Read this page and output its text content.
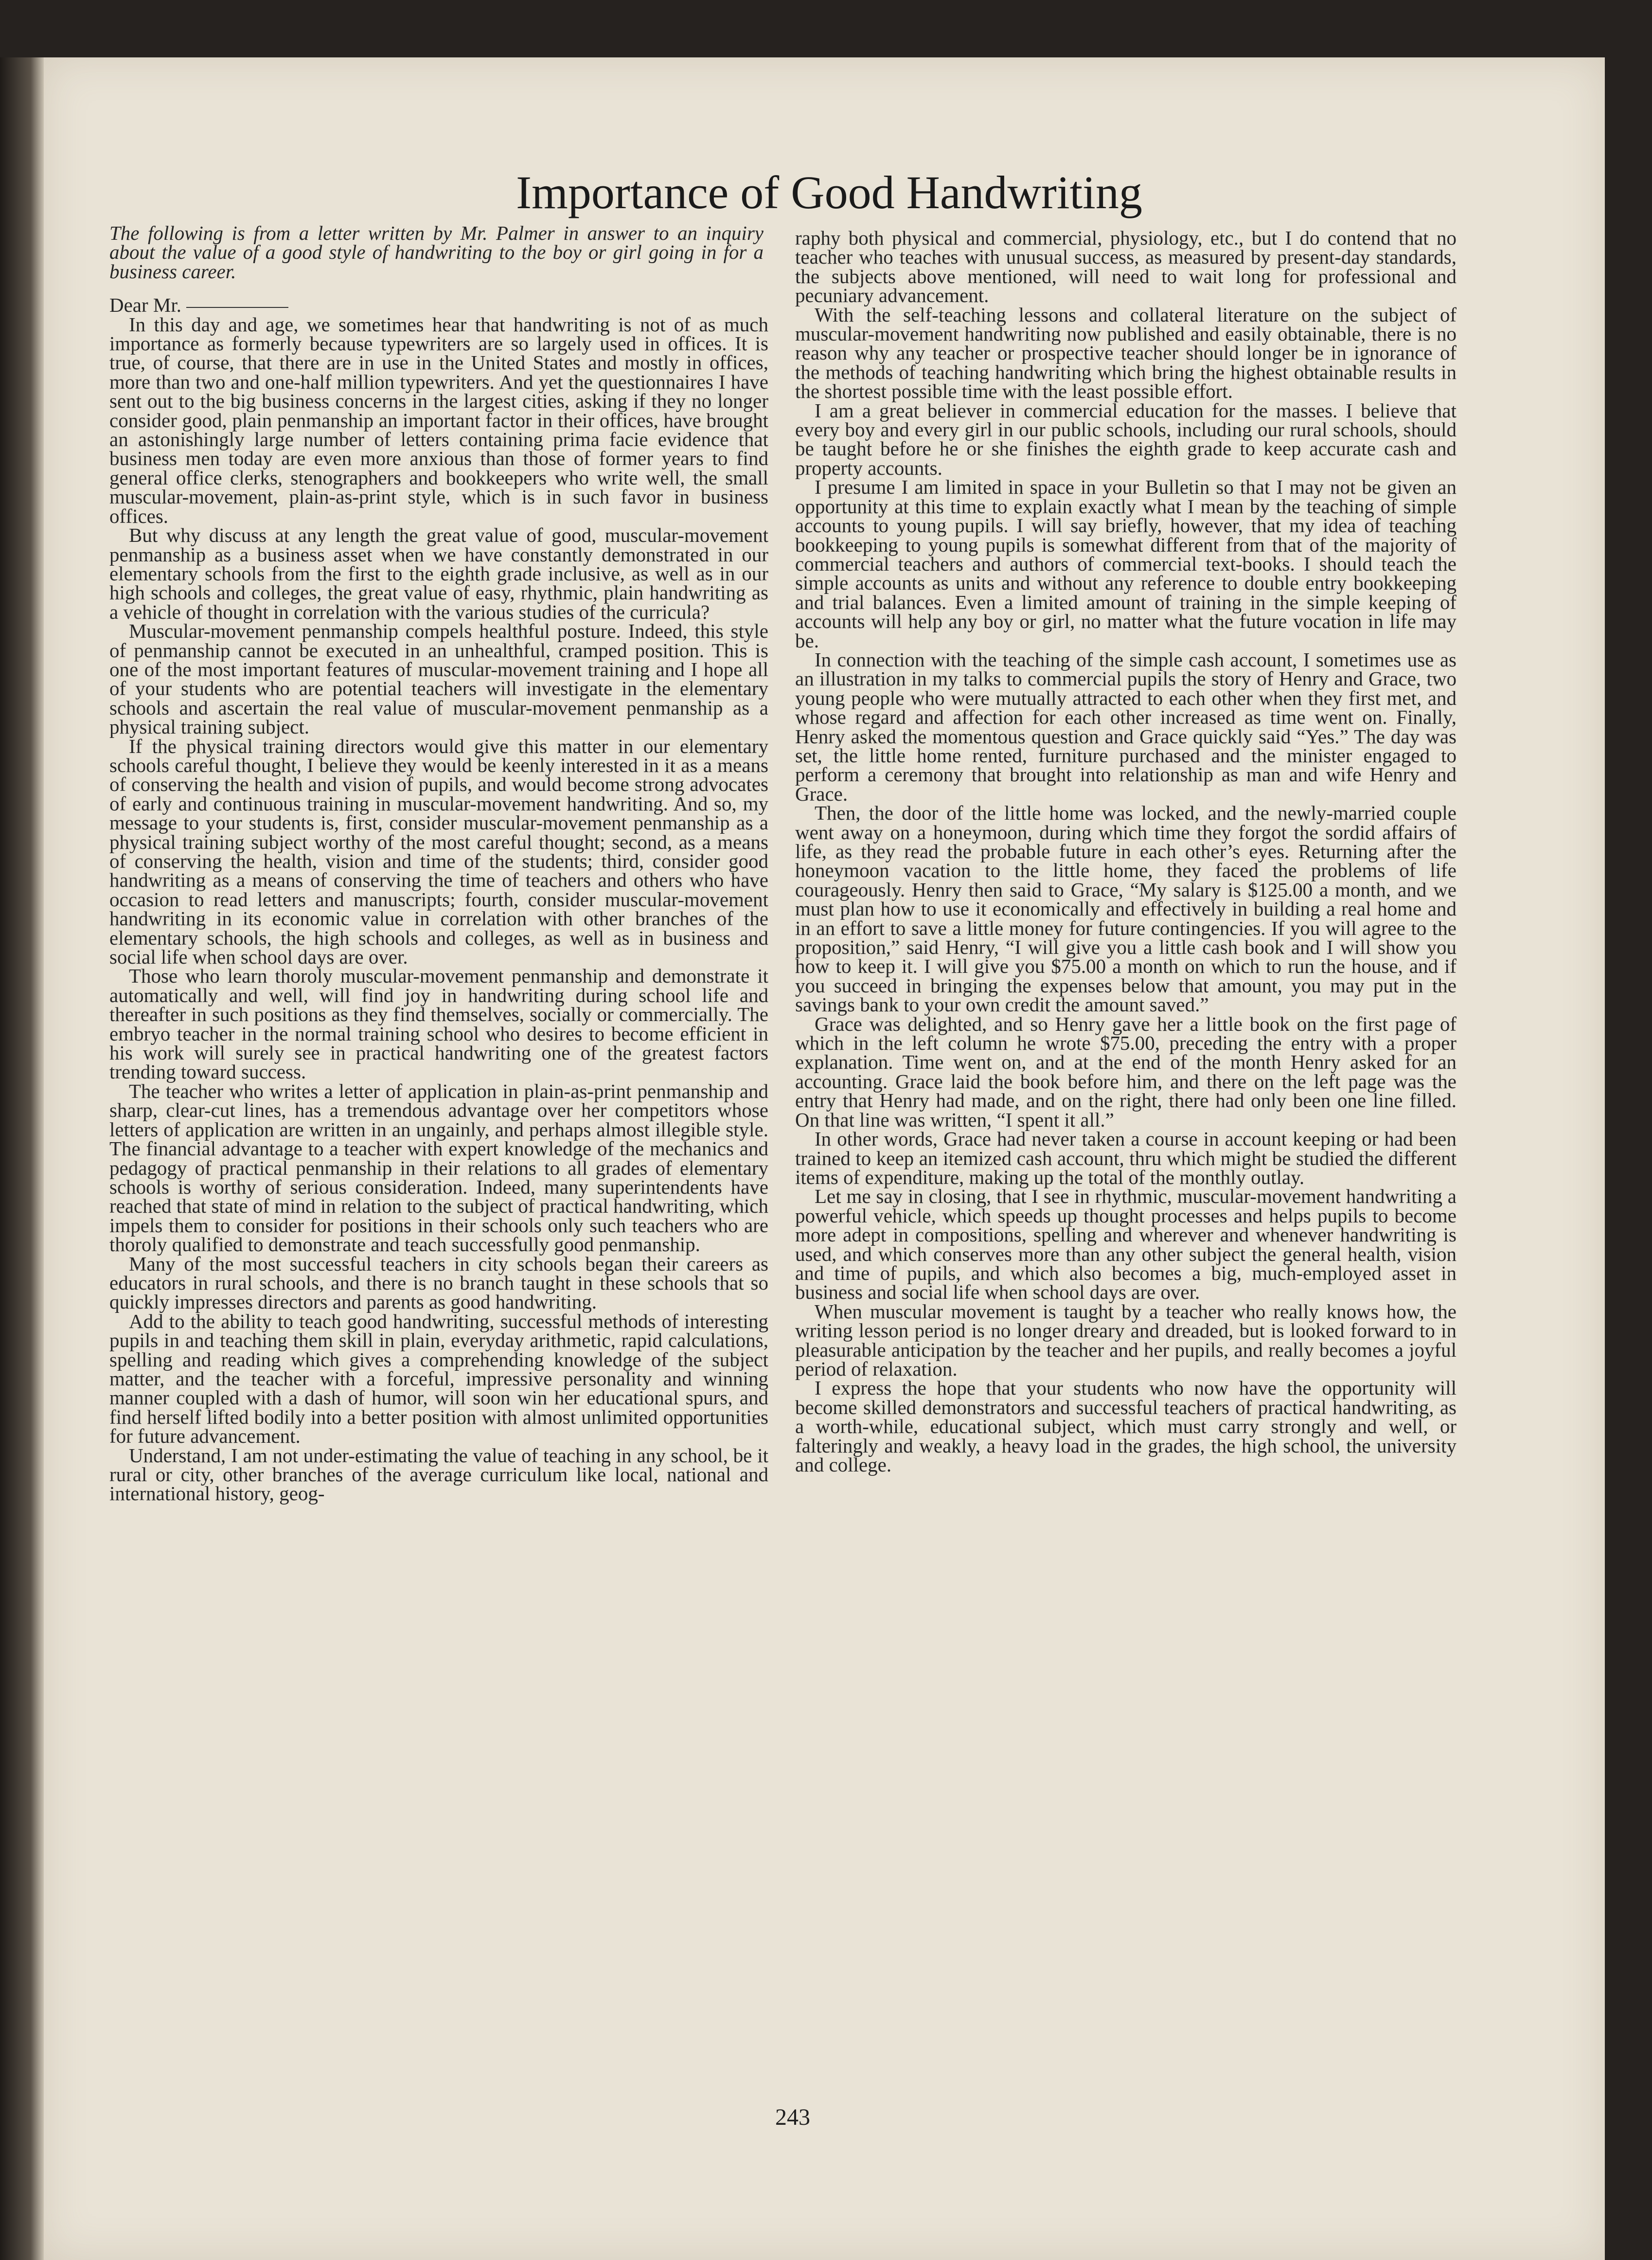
Importance of Good Handwriting

The following is from a letter written by Mr. Palmer in answer to an inquiry about the value of a good style of handwriting to the boy or girl going in for a business career.

Dear Mr.

In this day and age, we sometimes hear that handwriting is not of as much importance as formerly because typewriters are so largely used in offices. It is true, of course, that there are in use in the United States and mostly in offices, more than two and one-half million typewriters. And yet the questionnaires I have sent out to the big business concerns in the largest cities, asking if they no longer consider good, plain penmanship an important factor in their offices, have brought an astonishingly large number of letters containing prima facie evidence that business men today are even more anxious than those of former years to find general office clerks, stenographers and bookkeepers who write well, the small muscular-movement, plain-as-print style, which is in such favor in business offices.

But why discuss at any length the great value of good, muscular-movement penmanship as a business asset when we have constantly demonstrated in our elementary schools from the first to the eighth grade inclusive, as well as in our high schools and colleges, the great value of easy, rhythmic, plain handwriting as a vehicle of thought in correlation with the various studies of the curricula?

Muscular-movement penmanship compels healthful posture. Indeed, this style of penmanship cannot be executed in an unhealthful, cramped position. This is one of the most important features of muscular-movement training and I hope all of your students who are potential teachers will investigate in the elementary schools and ascertain the real value of muscular-movement penmanship as a physical training subject.

If the physical training directors would give this matter in our elementary schools careful thought, I believe they would be keenly interested in it as a means of conserving the health and vision of pupils, and would become strong advocates of early and continuous training in muscular-movement handwriting. And so, my message to your students is, first, consider muscular-movement penmanship as a physical training subject worthy of the most careful thought; second, as a means of conserving the health, vision and time of the students; third, consider good handwriting as a means of conserving the time of teachers and others who have occasion to read letters and manuscripts; fourth, consider muscular-movement handwriting in its economic value in correlation with other branches of the elementary schools, the high schools and colleges, as well as in business and social life when school days are over.

Those who learn thoroly muscular-movement penmanship and demonstrate it automatically and well, will find joy in handwriting during school life and thereafter in such positions as they find themselves, socially or commercially. The embryo teacher in the normal training school who desires to become efficient in his work will surely see in practical handwriting one of the greatest factors trending toward success.

The teacher who writes a letter of application in plain-as-print penmanship and sharp, clear-cut lines, has a tremendous advantage over her competitors whose letters of application are written in an ungainly, and perhaps almost illegible style. The financial advantage to a teacher with expert knowledge of the mechanics and pedagogy of practical penmanship in their relations to all grades of elementary schools is worthy of serious consideration. Indeed, many superintendents have reached that state of mind in relation to the subject of practical handwriting, which impels them to consider for positions in their schools only such teachers who are thoroly qualified to demonstrate and teach successfully good penmanship.

Many of the most successful teachers in city schools began their careers as educators in rural schools, and there is no branch taught in these schools that so quickly impresses directors and parents as good handwriting.

Add to the ability to teach good handwriting, successful methods of interesting pupils in and teaching them skill in plain, everyday arithmetic, rapid calculations, spelling and reading which gives a comprehending knowledge of the subject matter, and the teacher with a forceful, impressive personality and winning manner coupled with a dash of humor, will soon win her educational spurs, and find herself lifted bodily into a better position with almost unlimited opportunities for future advancement.

Understand, I am not under-estimating the value of teaching in any school, be it rural or city, other branches of the average curriculum like local, national and international history, geog-

raphy both physical and commercial, physiology, etc., but I do contend that no teacher who teaches with unusual success, as measured by present-day standards, the subjects above mentioned, will need to wait long for professional and pecuniary advancement.

With the self-teaching lessons and collateral literature on the subject of muscular-movement handwriting now published and easily obtainable, there is no reason why any teacher or prospective teacher should longer be in ignorance of the methods of teaching handwriting which bring the highest obtainable results in the shortest possible time with the least possible effort.

I am a great believer in commercial education for the masses. I believe that every boy and every girl in our public schools, including our rural schools, should be taught before he or she finishes the eighth grade to keep accurate cash and property accounts.

I presume I am limited in space in your Bulletin so that I may not be given an opportunity at this time to explain exactly what I mean by the teaching of simple accounts to young pupils. I will say briefly, however, that my idea of teaching bookkeeping to young pupils is somewhat different from that of the majority of commercial teachers and authors of commercial text-books. I should teach the simple accounts as units and without any reference to double entry bookkeeping and trial balances. Even a limited amount of training in the simple keeping of accounts will help any boy or girl, no matter what the future vocation in life may be.

In connection with the teaching of the simple cash account, I sometimes use as an illustration in my talks to commercial pupils the story of Henry and Grace, two young people who were mutually attracted to each other when they first met, and whose regard and affection for each other increased as time went on. Finally, Henry asked the momentous question and Grace quickly said “Yes.” The day was set, the little home rented, furniture purchased and the minister engaged to perform a ceremony that brought into relationship as man and wife Henry and Grace.

Then, the door of the little home was locked, and the newly-married couple went away on a honeymoon, during which time they forgot the sordid affairs of life, as they read the probable future in each other’s eyes. Returning after the honeymoon vacation to the little home, they faced the problems of life courageously. Henry then said to Grace, “My salary is $125.00 a month, and we must plan how to use it economically and effectively in building a real home and in an effort to save a little money for future contingencies. If you will agree to the proposition,” said Henry, “I will give you a little cash book and I will show you how to keep it. I will give you $75.00 a month on which to run the house, and if you succeed in bringing the expenses below that amount, you may put in the savings bank to your own credit the amount saved.”

Grace was delighted, and so Henry gave her a little book on the first page of which in the left column he wrote $75.00, preceding the entry with a proper explanation. Time went on, and at the end of the month Henry asked for an accounting. Grace laid the book before him, and there on the left page was the entry that Henry had made, and on the right, there had only been one line filled. On that line was written, “I spent it all.”

In other words, Grace had never taken a course in account keeping or had been trained to keep an itemized cash account, thru which might be studied the different items of expenditure, making up the total of the monthly outlay.

Let me say in closing, that I see in rhythmic, muscular-movement handwriting a powerful vehicle, which speeds up thought processes and helps pupils to become more adept in compositions, spelling and wherever and whenever handwriting is used, and which conserves more than any other subject the general health, vision and time of pupils, and which also becomes a big, much-employed asset in business and social life when school days are over.

When muscular movement is taught by a teacher who really knows how, the writing lesson period is no longer dreary and dreaded, but is looked forward to in pleasurable anticipation by the teacher and her pupils, and really becomes a joyful period of relaxation.

I express the hope that your students who now have the opportunity will become skilled demonstrators and successful teachers of practical handwriting, as a worth-while, educational subject, which must carry strongly and well, or falteringly and weakly, a heavy load in the grades, the high school, the university and college.

243
